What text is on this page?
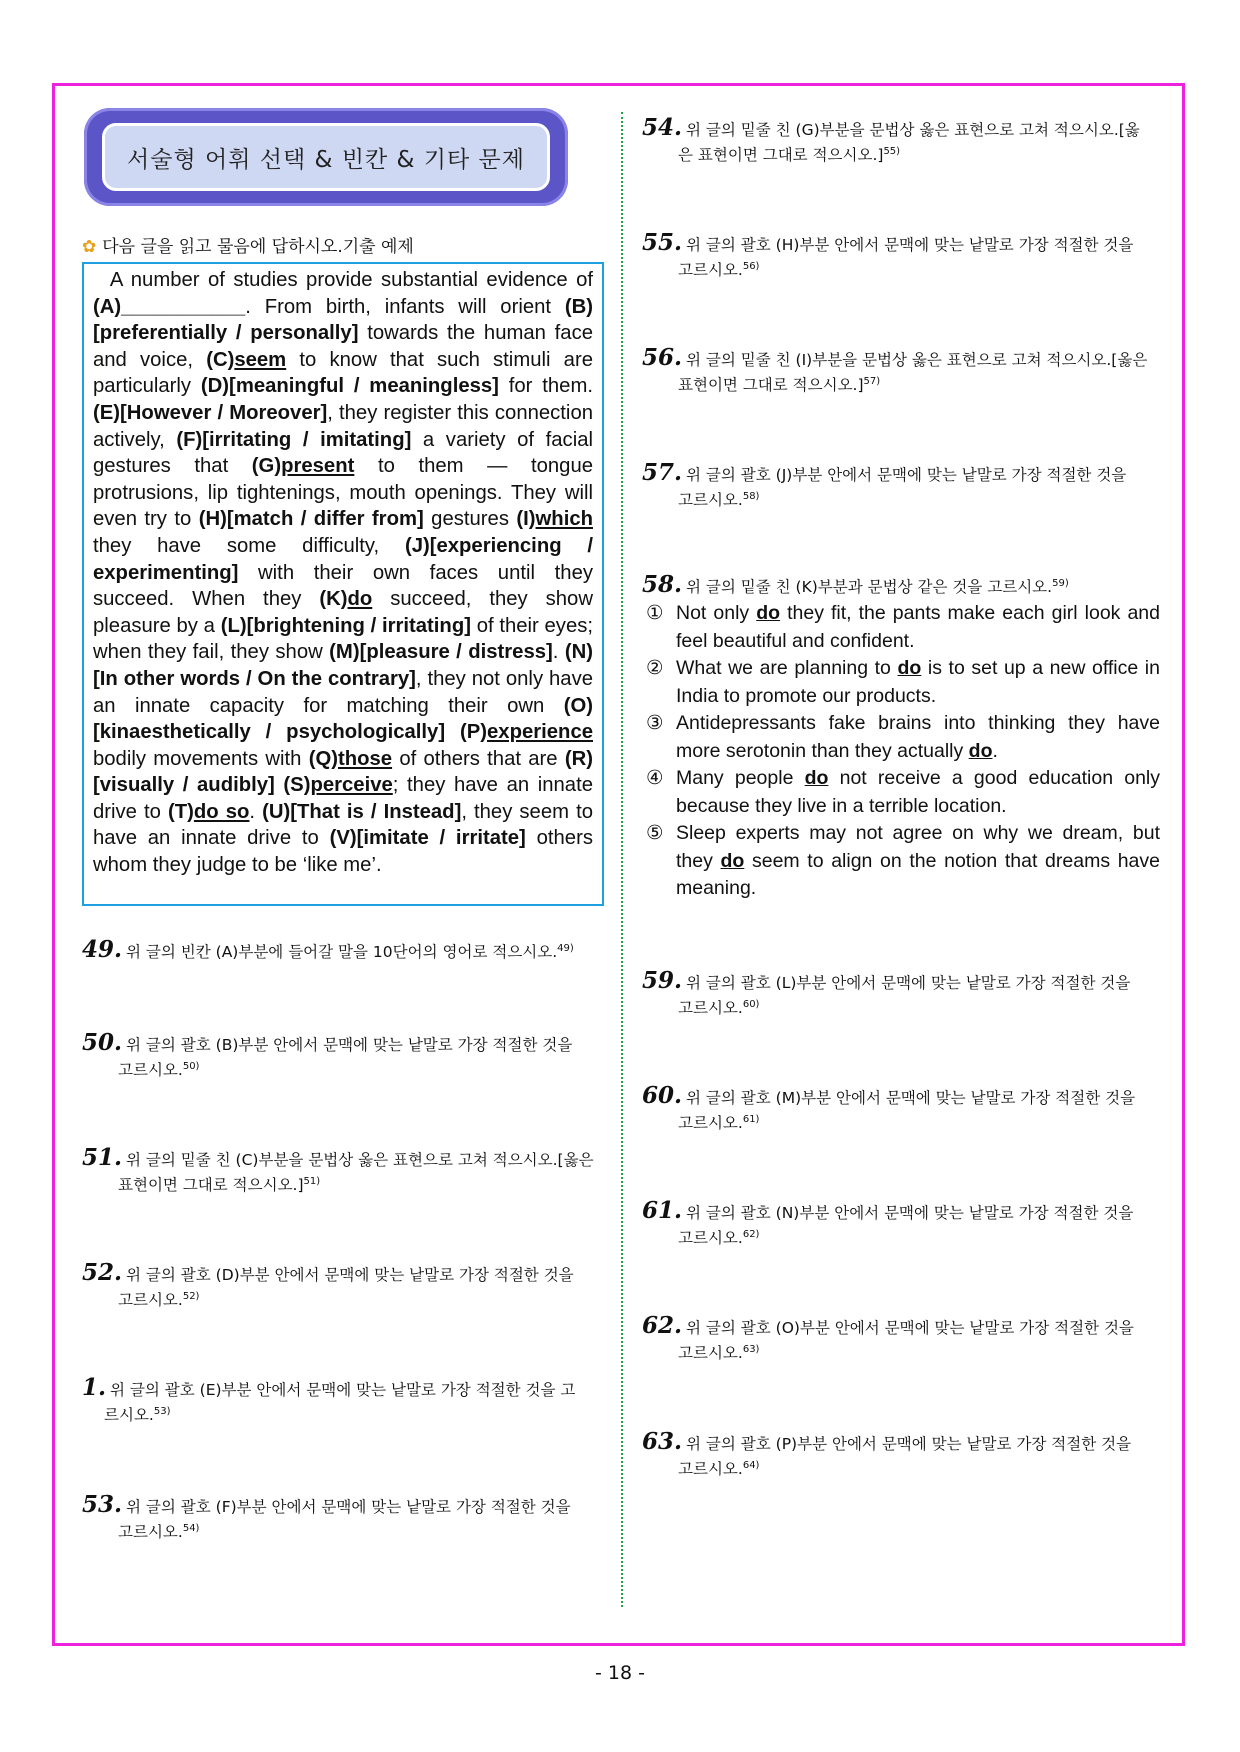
서술형 어휘 선택 & 빈칸 & 기타 문제
✿ 다음 글을 읽고 물음에 답하시오.기출 예제
A number of studies provide substantial evidence of (A)___________. From birth, infants will orient (B)[preferentially / personally] towards the human face and voice, (C)seem to know that such stimuli are particularly (D)[meaningful / meaningless] for them. (E)[However / Moreover], they register this connection actively, (F)[irritating / imitating] a variety of facial gestures that (G)present to them — tongue protrusions, lip tightenings, mouth openings. They will even try to (H)[match / differ from] gestures (I)which they have some difficulty, (J)[experiencing / experimenting] with their own faces until they succeed. When they (K)do succeed, they show pleasure by a (L)[brightening / irritating] of their eyes; when they fail, they show (M)[pleasure / distress]. (N)[In other words / On the contrary], they not only have an innate capacity for matching their own (O)[kinaesthetically / psychologically] (P)experience bodily movements with (Q)those of others that are (R)[visually / audibly] (S)perceive; they have an innate drive to (T)do so. (U)[That is / Instead], they seem to have an innate drive to (V)[imitate / irritate] others whom they judge to be ‘like me’.
49. 위 글의 빈칸 (A)부분에 들어갈 말을 10단어의 영어로 적으시오.$^{49)}$
50. 위 글의 괄호 (B)부분 안에서 문맥에 맞는 낱말로 가장 적절한 것을
고르시오.$^{50)}$
51. 위 글의 밑줄 친 (C)부분을 문법상 옳은 표현으로 고쳐 적으시오.[옳은
표현이면 그대로 적으시오.]$^{51)}$
52. 위 글의 괄호 (D)부분 안에서 문맥에 맞는 낱말로 가장 적절한 것을
고르시오.$^{52)}$
1. 위 글의 괄호 (E)부분 안에서 문맥에 맞는 낱말로 가장 적절한 것을 고
르시오.$^{53)}$
53. 위 글의 괄호 (F)부분 안에서 문맥에 맞는 낱말로 가장 적절한 것을
고르시오.$^{54)}$
54. 위 글의 밑줄 친 (G)부분을 문법상 옳은 표현으로 고쳐 적으시오.[옳
은 표현이면 그대로 적으시오.]$^{55)}$
55. 위 글의 괄호 (H)부분 안에서 문맥에 맞는 낱말로 가장 적절한 것을
고르시오.$^{56)}$
56. 위 글의 밑줄 친 (I)부분을 문법상 옳은 표현으로 고쳐 적으시오.[옳은
표현이면 그대로 적으시오.]$^{57)}$
57. 위 글의 괄호 (J)부분 안에서 문맥에 맞는 낱말로 가장 적절한 것을
고르시오.$^{58)}$
58. 위 글의 밑줄 친 (K)부분과 문법상 같은 것을 고르시오.$^{59)}$
① Not only do they fit, the pants make each girl look and feel beautiful and confident.
② What we are planning to do is to set up a new office in India to promote our products.
③ Antidepressants fake brains into thinking they have more serotonin than they actually do.
④ Many people do not receive a good education only because they live in a terrible location.
⑤ Sleep experts may not agree on why we dream, but they do seem to align on the notion that dreams have meaning.
59. 위 글의 괄호 (L)부분 안에서 문맥에 맞는 낱말로 가장 적절한 것을
고르시오.$^{60)}$
60. 위 글의 괄호 (M)부분 안에서 문맥에 맞는 낱말로 가장 적절한 것을
고르시오.$^{61)}$
61. 위 글의 괄호 (N)부분 안에서 문맥에 맞는 낱말로 가장 적절한 것을
고르시오.$^{62)}$
62. 위 글의 괄호 (O)부분 안에서 문맥에 맞는 낱말로 가장 적절한 것을
고르시오.$^{63)}$
63. 위 글의 괄호 (P)부분 안에서 문맥에 맞는 낱말로 가장 적절한 것을
고르시오.$^{64)}$
- 18 -
